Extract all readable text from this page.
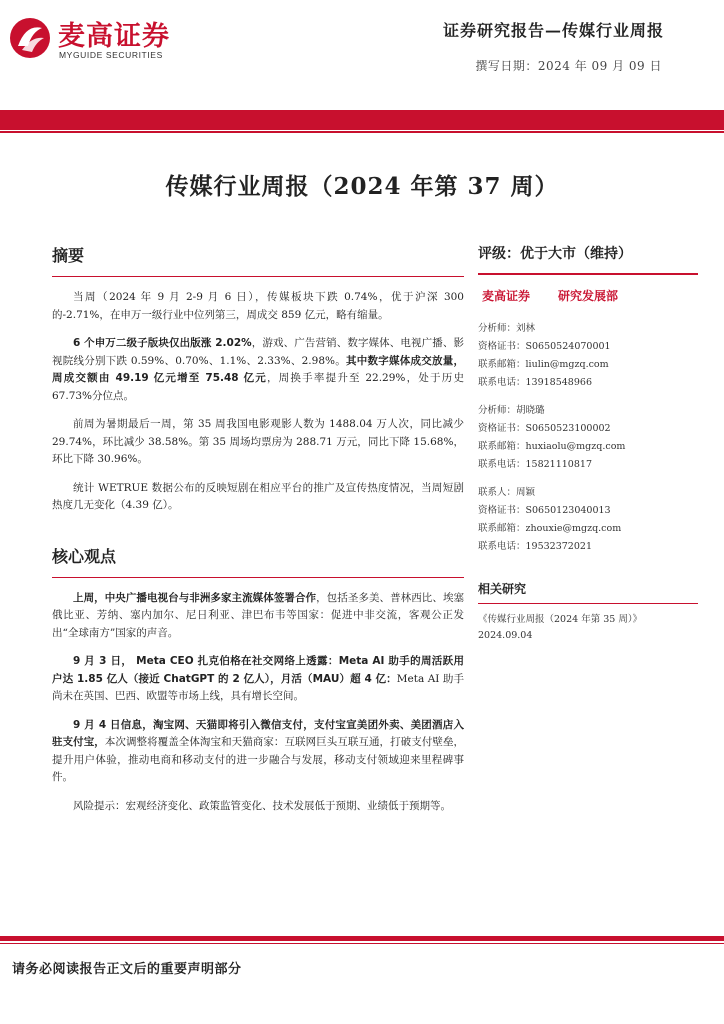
麦高证券
MYGUIDE SECURITIES
证券研究报告—传媒行业周报
撰写日期：2024 年 09 月 09 日
传媒行业周报（2024 年第 37 周）
摘要

当周（2024 年 9 月 2-9 月 6 日），传媒板块下跌 0.74%，优于沪深 300 的-2.71%，在申万一级行业中位列第三，周成交 859 亿元，略有缩量。

6 个申万二级子版块仅出版涨 2.02%，游戏、广告营销、数字媒体、电视广播、影视院线分别下跌 0.59%、0.70%、1.1%、2.33%、2.98%。其中数字媒体成交放量，周成交额由 49.19 亿元增至 75.48 亿元，周换手率提升至 22.29%，处于历史 67.73%分位点。

前周为暑期最后一周，第 35 周我国电影观影人数为 1488.04 万人次，同比减少 29.74%，环比减少 38.58%。第 35 周场均票房为 288.71 万元，同比下降 15.68%，环比下降 30.96%。

统计 WETRUE 数据公布的反映短剧在相应平台的推广及宣传热度情况，当周短剧热度几无变化（4.39 亿）。

核心观点

上周，中央广播电视台与非洲多家主流媒体签署合作，包括圣多美、普林西比、埃塞俄比亚、芳纳、塞内加尔、尼日利亚、津巴布韦等国家：促进中非交流，客观公正发出“全球南方”国家的声音。

9 月 3 日， Meta CEO 扎克伯格在社交网络上透露：Meta AI 助手的周活跃用户达 1.85 亿人（接近 ChatGPT 的 2 亿人），月活（MAU）超 4 亿：Meta AI 助手尚未在英国、巴西、欧盟等市场上线，具有增长空间。

9 月 4 日信息，淘宝网、天猫即将引入微信支付，支付宝宣美团外卖、美团酒店入驻支付宝，本次调整将覆盖全体淘宝和天猫商家：互联网巨头互联互通，打破支付壁垒，提升用户体验，推动电商和移动支付的进一步融合与发展，移动支付领域迎来里程碑事件。

风险提示：宏观经济变化、政策监管变化、技术发展低于预期、业绩低于预期等。

评级：优于大市（维持）
麦高证券 研究发展部
分析师：刘林
资格证书：S0650524070001
联系邮箱：liulin@mgzq.com
联系电话：13918548966
分析师：胡晓璐
资格证书：S0650523100002
联系邮箱：huxiaolu@mgzq.com
联系电话：15821110817
联系人：周颖
资格证书：S0650123040013
联系邮箱：zhouxie@mgzq.com
联系电话：19532372021
相关研究
《传媒行业周报（2024 年第 35 周）》
2024.09.04
请务必阅读报告正文后的重要声明部分
